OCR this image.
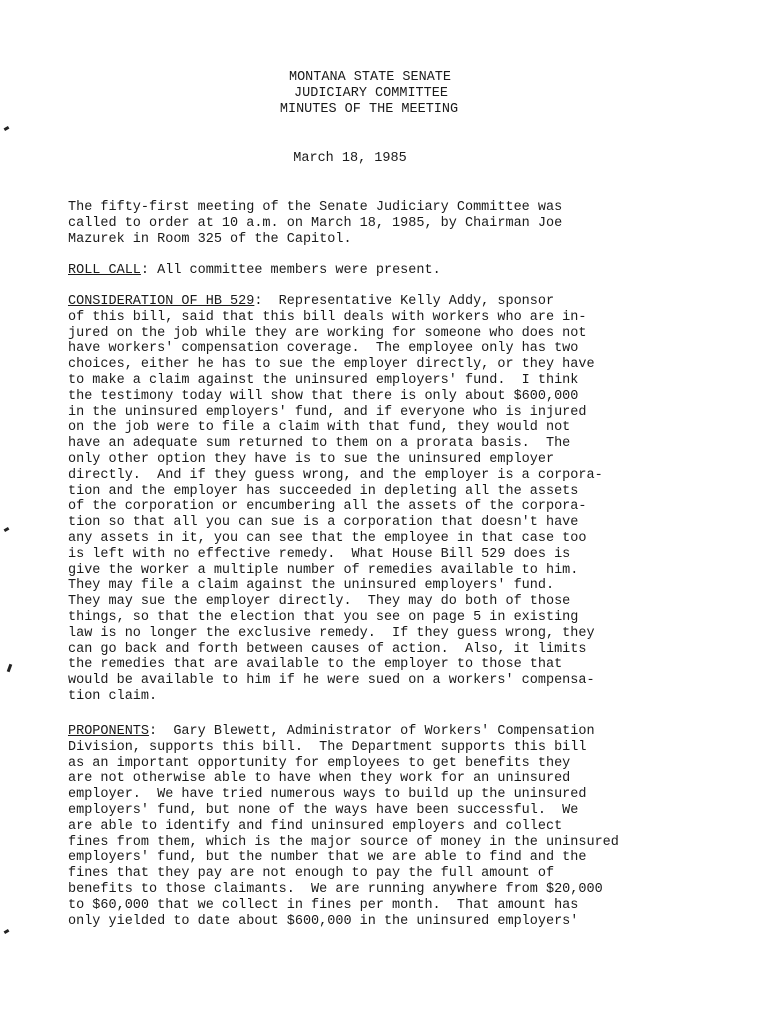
MONTANA STATE SENATE
JUDICIARY COMMITTEE
MINUTES OF THE MEETING
March 18, 1985
The fifty-first meeting of the Senate Judiciary Committee was
called to order at 10 a.m. on March 18, 1985, by Chairman Joe
Mazurek in Room 325 of the Capitol.
ROLL CALL: All committee members were present.
CONSIDERATION OF HB 529:  Representative Kelly Addy, sponsor
of this bill, said that this bill deals with workers who are in-
jured on the job while they are working for someone who does not
have workers' compensation coverage.  The employee only has two
choices, either he has to sue the employer directly, or they have
to make a claim against the uninsured employers' fund.  I think
the testimony today will show that there is only about $600,000
in the uninsured employers' fund, and if everyone who is injured
on the job were to file a claim with that fund, they would not
have an adequate sum returned to them on a prorata basis.  The
only other option they have is to sue the uninsured employer
directly.  And if they guess wrong, and the employer is a corpora-
tion and the employer has succeeded in depleting all the assets
of the corporation or encumbering all the assets of the corpora-
tion so that all you can sue is a corporation that doesn't have
any assets in it, you can see that the employee in that case too
is left with no effective remedy.  What House Bill 529 does is
give the worker a multiple number of remedies available to him.
They may file a claim against the uninsured employers' fund.
They may sue the employer directly.  They may do both of those
things, so that the election that you see on page 5 in existing
law is no longer the exclusive remedy.  If they guess wrong, they
can go back and forth between causes of action.  Also, it limits
the remedies that are available to the employer to those that
would be available to him if he were sued on a workers' compensa-
tion claim.
PROPONENTS:  Gary Blewett, Administrator of Workers' Compensation
Division, supports this bill.  The Department supports this bill
as an important opportunity for employees to get benefits they
are not otherwise able to have when they work for an uninsured
employer.  We have tried numerous ways to build up the uninsured
employers' fund, but none of the ways have been successful.  We
are able to identify and find uninsured employers and collect
fines from them, which is the major source of money in the uninsured
employers' fund, but the number that we are able to find and the
fines that they pay are not enough to pay the full amount of
benefits to those claimants.  We are running anywhere from $20,000
to $60,000 that we collect in fines per month.  That amount has
only yielded to date about $600,000 in the uninsured employers'
